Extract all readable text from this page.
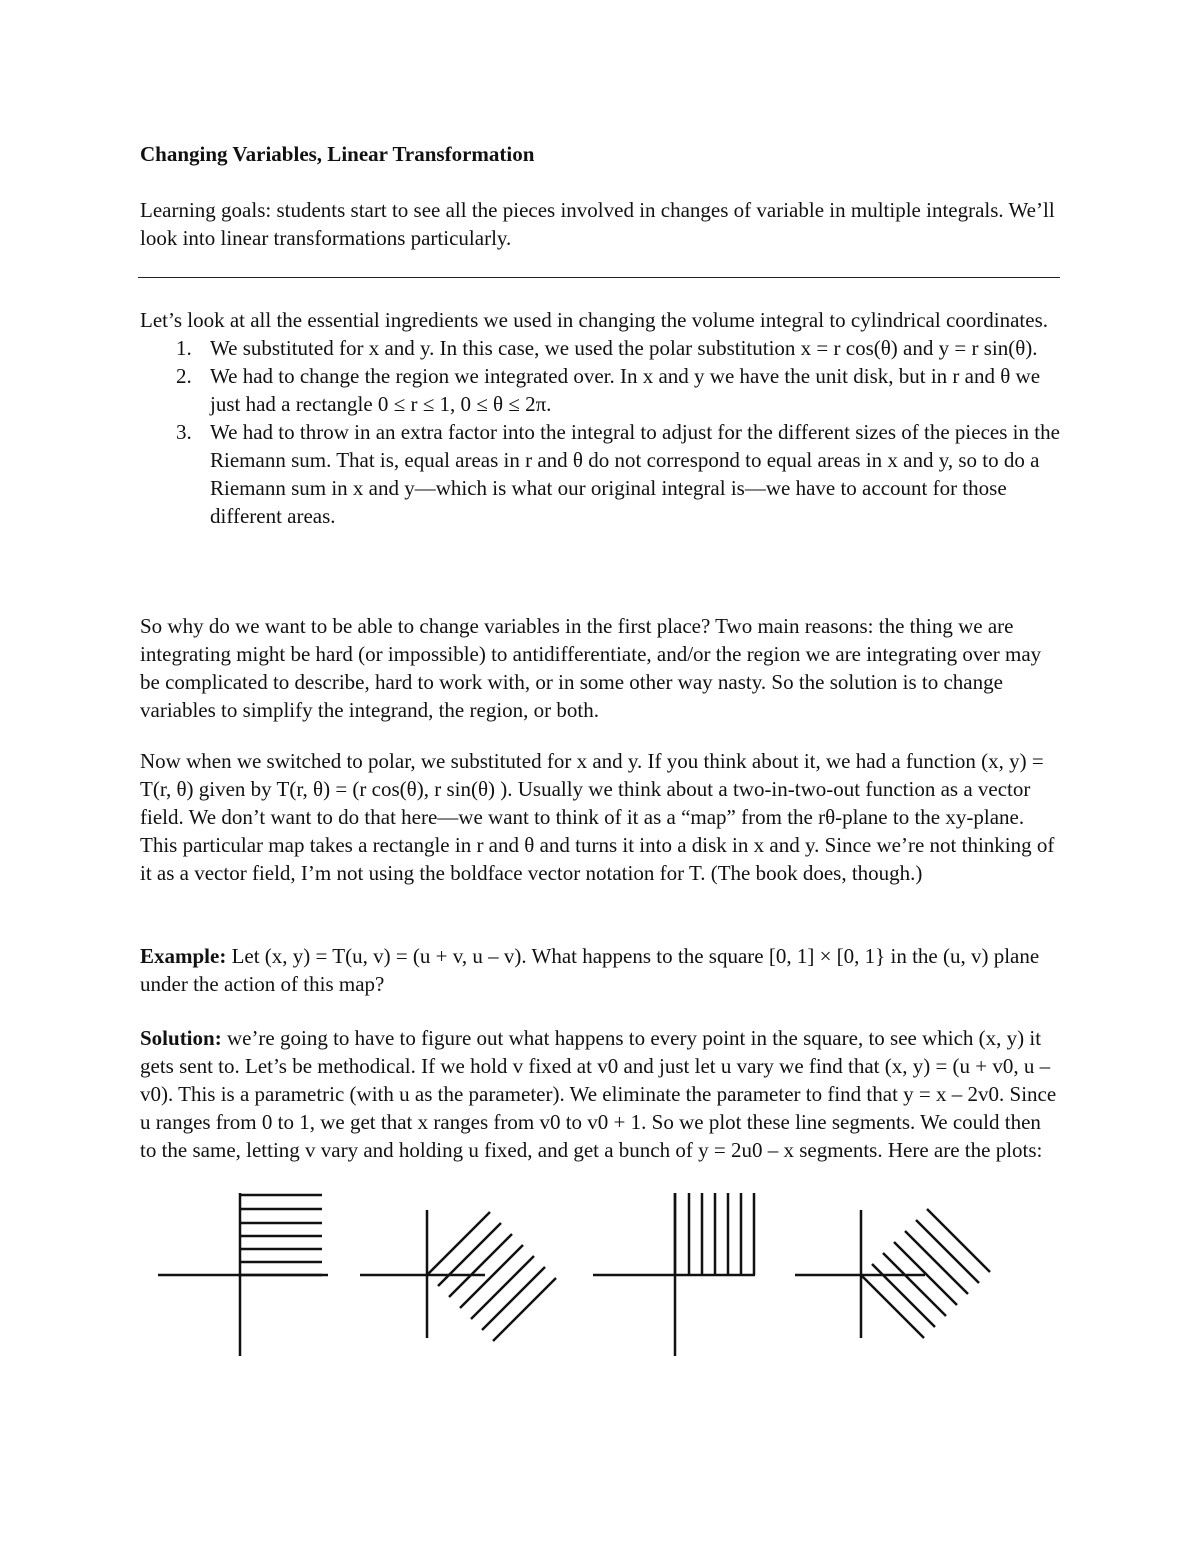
Changing Variables, Linear Transformation

Learning goals: students start to see all the pieces involved in changes of variable in multiple integrals. We’ll look into linear transformations particularly.

Let’s look at all the essential ingredients we used in changing the volume integral to cylindrical coordinates.

1. We substituted for x and y. In this case, we used the polar substitution x = r cos(θ) and y = r sin(θ).
2. We had to change the region we integrated over. In x and y we have the unit disk, but in r and θ we just had a rectangle 0 ≤ r ≤ 1, 0 ≤ θ ≤ 2π.
3. We had to throw in an extra factor into the integral to adjust for the different sizes of the pieces in the Riemann sum. That is, equal areas in r and θ do not correspond to equal areas in x and y, so to do a Riemann sum in x and y—which is what our original integral is—we have to account for those different areas.

So why do we want to be able to change variables in the first place? Two main reasons: the thing we are integrating might be hard (or impossible) to antidifferentiate, and/or the region we are integrating over may be complicated to describe, hard to work with, or in some other way nasty. So the solution is to change variables to simplify the integrand, the region, or both.

Now when we switched to polar, we substituted for x and y. If you think about it, we had a function (x, y) = T(r, θ) given by T(r, θ) = (r cos(θ), r sin(θ) ). Usually we think about a two-in-two-out function as a vector field. We don’t want to do that here—we want to think of it as a “map” from the rθ-plane to the xy-plane. This particular map takes a rectangle in r and θ and turns it into a disk in x and y. Since we’re not thinking of it as a vector field, I’m not using the boldface vector notation for T. (The book does, though.)

Example: Let (x, y) = T(u, v) = (u + v, u – v). What happens to the square [0, 1] × [0, 1} in the (u, v) plane under the action of this map?

Solution: we’re going to have to figure out what happens to every point in the square, to see which (x, y) it gets sent to. Let’s be methodical. If we hold v fixed at v0 and just let u vary we find that (x, y) = (u + v0, u – v0). This is a parametric (with u as the parameter). We eliminate the parameter to find that y = x – 2v0. Since u ranges from 0 to 1, we get that x ranges from v0 to v0 + 1. So we plot these line segments. We could then to the same, letting v vary and holding u fixed, and get a bunch of y = 2u0 – x segments. Here are the plots:
